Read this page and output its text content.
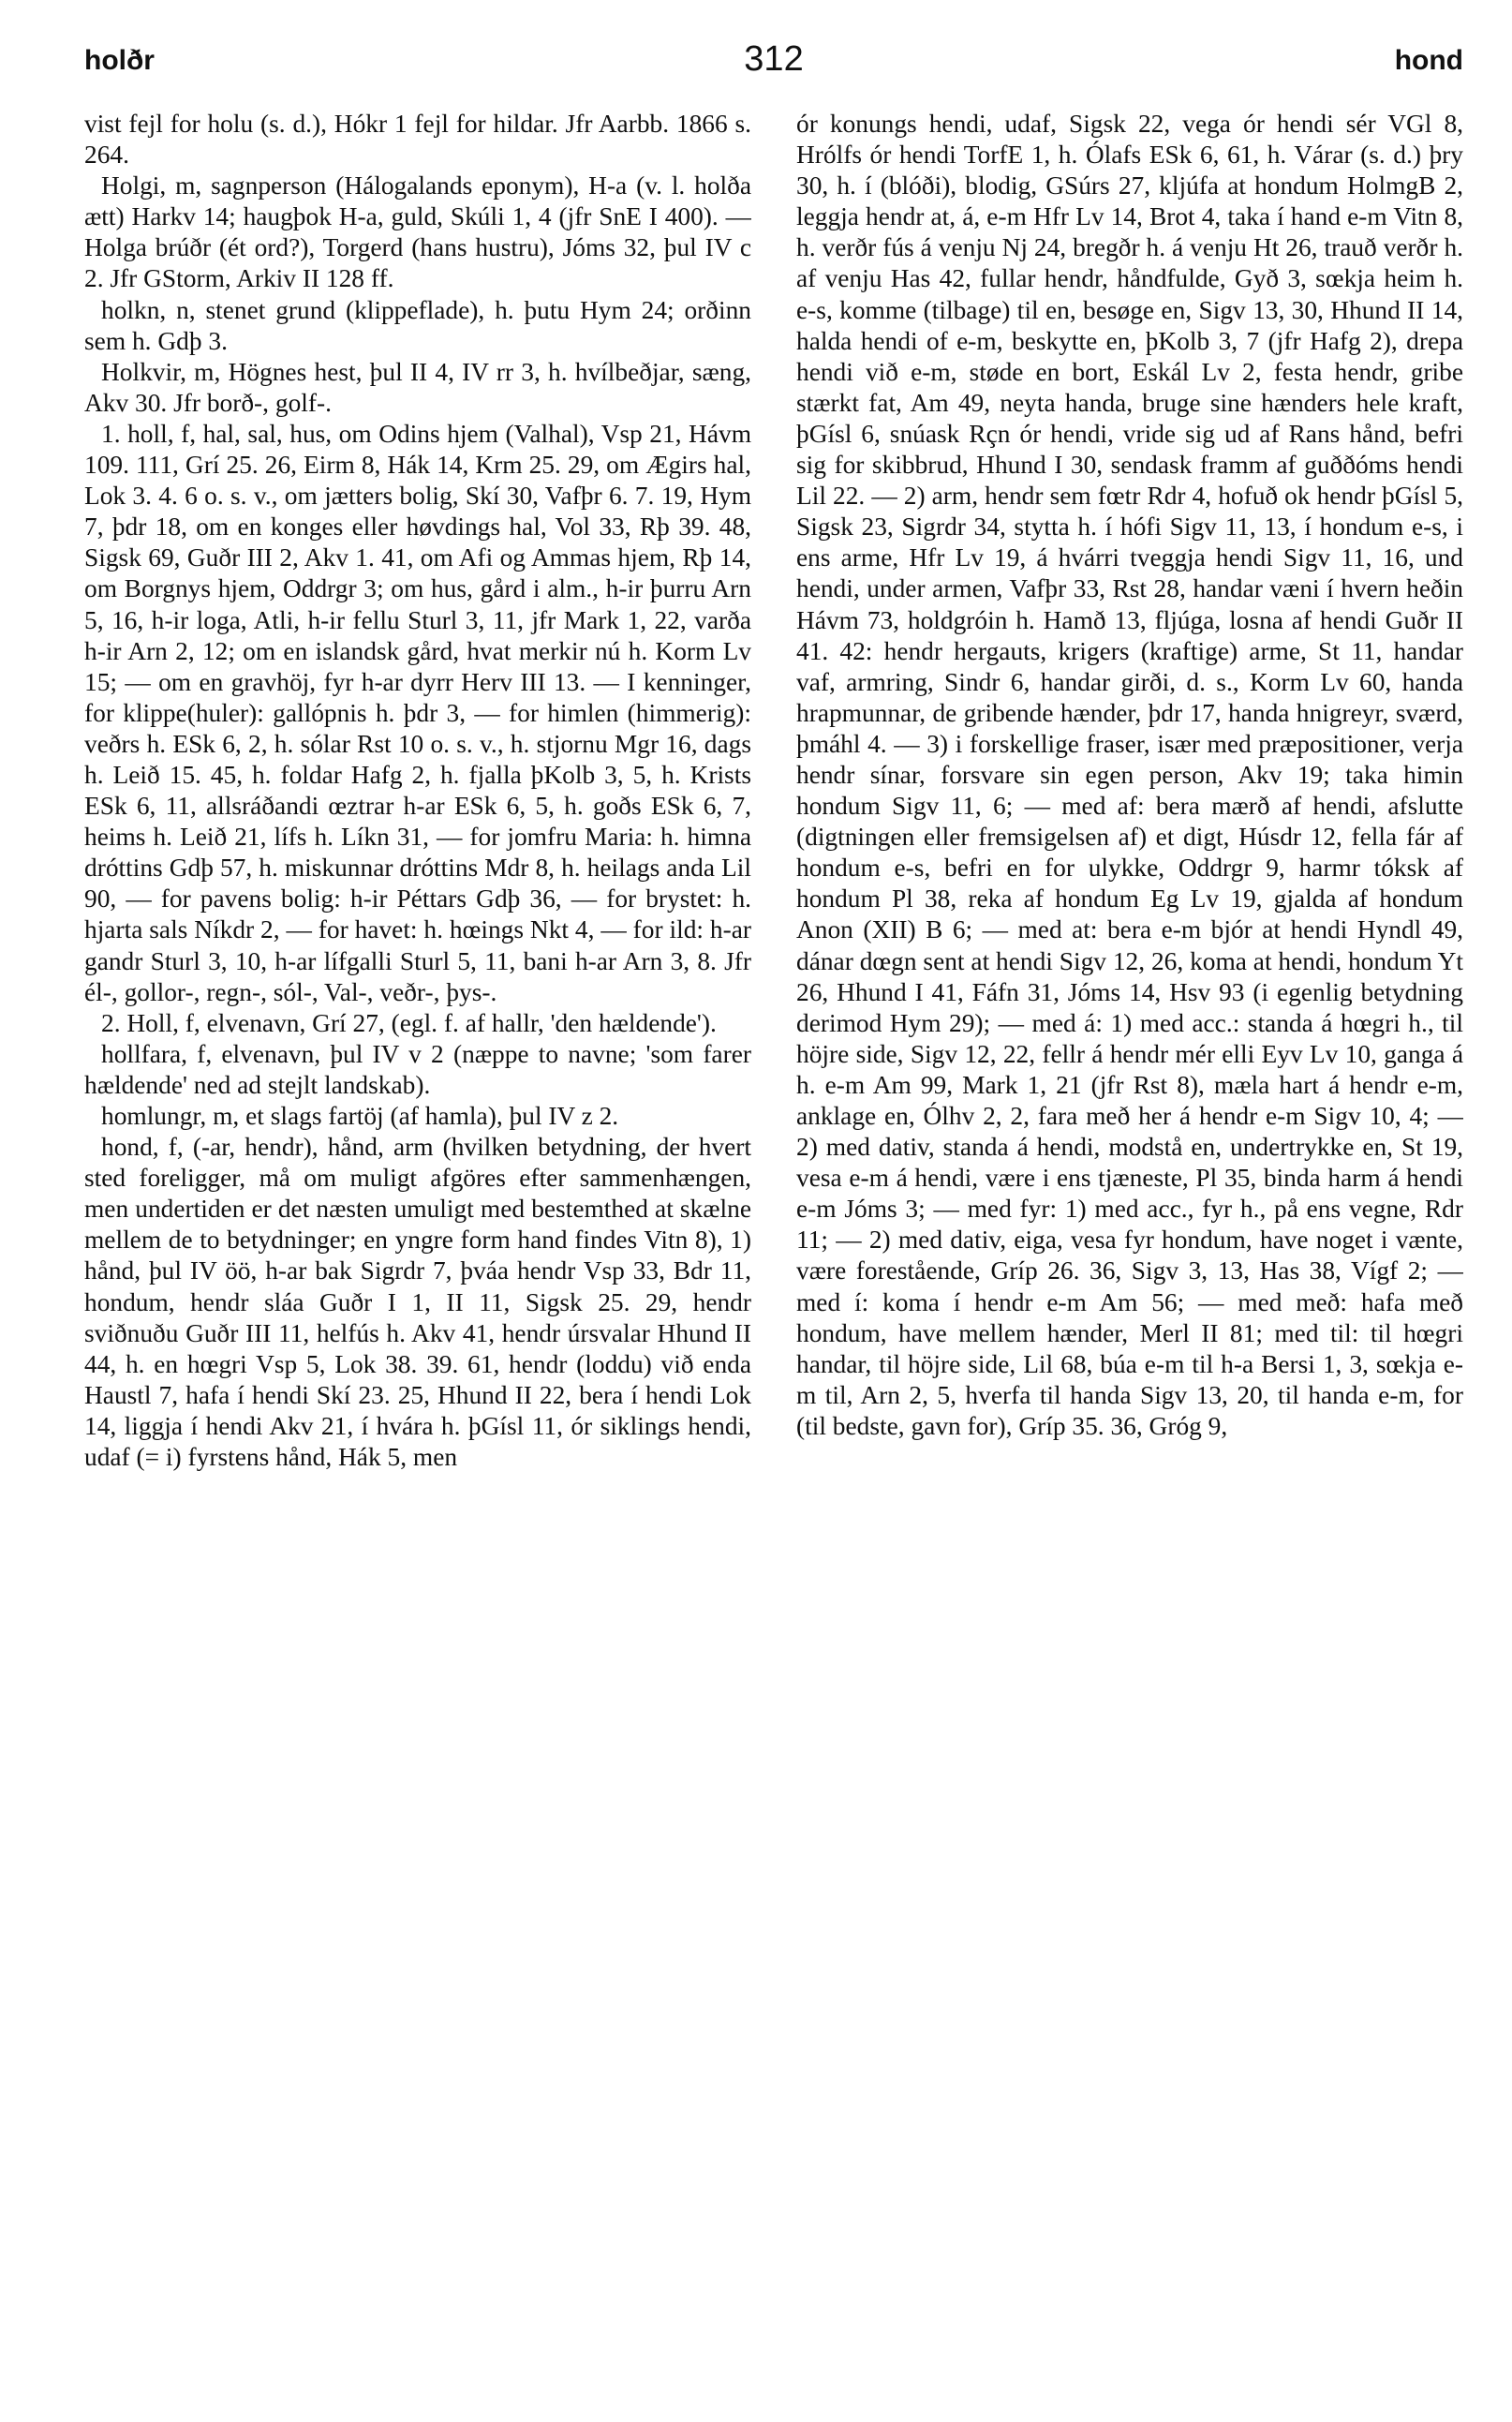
holðr	312	hond

vist fejl for holu (s. d.), Hókr 1 fejl for hildar. Jfr Aarbb. 1866 s. 264.

Holgi, m, sagnperson (Hálogalands eponym), H-a (v. l. holða ætt) Harkv 14; haugþok H-a, guld, Skúli 1, 4 (jfr SnE I 400). — Holga brúðr (ét ord?), Torgerd (hans hustru), Jóms 32, þul IV c 2. Jfr GStorm, Arkiv II 128 ff.

holkn, n, stenet grund (klippeflade), h. þutu Hym 24; orðinn sem h. Gdþ 3.

Holkvir, m, Högnes hest, þul II 4, IV rr 3, h. hvílbeðjar, sæng, Akv 30. Jfr borð-, golf-.

1. holl, f, hal, sal, hus, om Odins hjem (Valhal), Vsp 21, Hávm 109. 111, Grí 25. 26, Eirm 8, Hák 14, Krm 25. 29, om Ægirs hal, Lok 3. 4. 6 o. s. v., om jætters bolig, Skí 30, Vafþr 6. 7. 19, Hym 7, þdr 18, om en konges eller høvdings hal, Vol 33, Rþ 39. 48, Sigsk 69, Guðr III 2, Akv 1. 41, om Afi og Ammas hjem, Rþ 14, om Borgnys hjem, Oddrgr 3; om hus, gård i alm., h-ir þurru Arn 5, 16, h-ir loga, Atli, h-ir fellu Sturl 3, 11, jfr Mark 1, 22, varða h-ir Arn 2, 12; om en islandsk gård, hvat merkir nú h. Korm Lv 15; — om en gravhöj, fyr h-ar dyrr Herv III 13. — I kenninger, for klippe(huler): gallópnis h. þdr 3, — for himlen (himmerig): veðrs h. ESk 6, 2, h. sólar Rst 10 o. s. v., h. stjornu Mgr 16, dags h. Leið 15. 45, h. foldar Hafg 2, h. fjalla þKolb 3, 5, h. Krists ESk 6, 11, allsráðandi œztrar h-ar ESk 6, 5, h. goðs ESk 6, 7, heims h. Leið 21, lífs h. Líkn 31, — for jomfru Maria: h. himna dróttins Gdþ 57, h. miskunnar dróttins Mdr 8, h. heilags anda Lil 90, — for pavens bolig: h-ir Péttars Gdþ 36, — for brystet: h. hjarta sals Níkdr 2, — for havet: h. hœings Nkt 4, — for ild: h-ar gandr Sturl 3, 10, h-ar lífgalli Sturl 5, 11, bani h-ar Arn 3, 8. Jfr él-, gollor-, regn-, sól-, Val-, veðr-, þys-.

2. Holl, f, elvenavn, Grí 27, (egl. f. af hallr, 'den hældende').

hollfara, f, elvenavn, þul IV v 2 (næppe to navne; 'som farer hældende' ned ad stejlt landskab).

homlungr, m, et slags fartöj (af hamla), þul IV z 2.

hond, f, (-ar, hendr), hånd, arm (hvilken betydning, der hvert sted foreligger, må om muligt afgöres efter sammenhængen, men undertiden er det næsten umuligt med bestemthed at skælne mellem de to betydninger; en yngre form hand findes Vitn 8), 1) hånd, þul IV öö, h-ar bak Sigrdr 7, þváa hendr Vsp 33, Bdr 11, hondum, hendr sláa Guðr I 1, II 11, Sigsk 25. 29, hendr sviðnuðu Guðr III 11, helfús h. Akv 41, hendr úrsvalar Hhund II 44, h. en hœgri Vsp 5, Lok 38. 39. 61, hendr (loddu) við enda Haustl 7, hafa í hendi Skí 23. 25, Hhund II 22, bera í hendi Lok 14, liggja í hendi Akv 21, í hvára h. þGísl 11, ór siklings hendi, udaf (= i) fyrstens hånd, Hák 5, men

ór konungs hendi, udaf, Sigsk 22, vega ór hendi sér VGl 8, Hrólfs ór hendi TorfE 1, h. Ólafs ESk 6, 61, h. Várar (s. d.) þry 30, h. í (blóði), blodig, GSúrs 27, kljúfa at hondum HolmgB 2, leggja hendr at, á, e-m Hfr Lv 14, Brot 4, taka í hand e-m Vitn 8, h. verðr fús á venju Nj 24, bregðr h. á venju Ht 26, trauð verðr h. af venju Has 42, fullar hendr, håndfulde, Gyð 3, sœkja heim h. e-s, komme (tilbage) til en, besøge en, Sigv 13, 30, Hhund II 14, halda hendi of e-m, beskytte en, þKolb 3, 7 (jfr Hafg 2), drepa hendi við e-m, støde en bort, Eskál Lv 2, festa hendr, gribe stærkt fat, Am 49, neyta handa, bruge sine hænders hele kraft, þGísl 6, snúask Rçn ór hendi, vride sig ud af Rans hånd, befri sig for skibbrud, Hhund I 30, sendask framm af guððóms hendi Lil 22. — 2) arm, hendr sem fœtr Rdr 4, hofuð ok hendr þGísl 5, Sigsk 23, Sigrdr 34, stytta h. í hófi Sigv 11, 13, í hondum e-s, i ens arme, Hfr Lv 19, á hvárri tveggja hendi Sigv 11, 16, und hendi, under armen, Vafþr 33, Rst 28, handar væni í hvern heðin Hávm 73, holdgróin h. Hamð 13, fljúga, losna af hendi Guðr II 41. 42: hendr hergauts, krigers (kraftige) arme, St 11, handar vaf, armring, Sindr 6, handar girði, d. s., Korm Lv 60, handa hrapmunnar, de gribende hænder, þdr 17, handa hnigreyr, sværd, þmáhl 4. — 3) i forskellige fraser, især med præpositioner, verja hendr sínar, forsvare sin egen person, Akv 19; taka himin hondum Sigv 11, 6; — med af: bera mærð af hendi, afslutte (digtningen eller fremsigelsen af) et digt, Húsdr 12, fella fár af hondum e-s, befri en for ulykke, Oddrgr 9, harmr tóksk af hondum Pl 38, reka af hondum Eg Lv 19, gjalda af hondum Anon (XII) B 6; — med at: bera e-m bjór at hendi Hyndl 49, dánar dœgn sent at hendi Sigv 12, 26, koma at hendi, hondum Yt 26, Hhund I 41, Fáfn 31, Jóms 14, Hsv 93 (i egenlig betydning derimod Hym 29); — med á: 1) med acc.: standa á hœgri h., til höjre side, Sigv 12, 22, fellr á hendr mér elli Eyv Lv 10, ganga á h. e-m Am 99, Mark 1, 21 (jfr Rst 8), mæla hart á hendr e-m, anklage en, Ólhv 2, 2, fara með her á hendr e-m Sigv 10, 4; — 2) med dativ, standa á hendi, modstå en, undertrykke en, St 19, vesa e-m á hendi, være i ens tjæneste, Pl 35, binda harm á hendi e-m Jóms 3; — med fyr: 1) med acc., fyr h., på ens vegne, Rdr 11; — 2) med dativ, eiga, vesa fyr hondum, have noget i vænte, være forestående, Gríp 26. 36, Sigv 3, 13, Has 38, Vígf 2; — med í: koma í hendr e-m Am 56; — med með: hafa með hondum, have mellem hænder, Merl II 81; med til: til hœgri handar, til höjre side, Lil 68, búa e-m til h-a Bersi 1, 3, sœkja e-m til, Arn 2, 5, hverfa til handa Sigv 13, 20, til handa e-m, for (til bedste, gavn for), Gríp 35. 36, Gróg 9,
